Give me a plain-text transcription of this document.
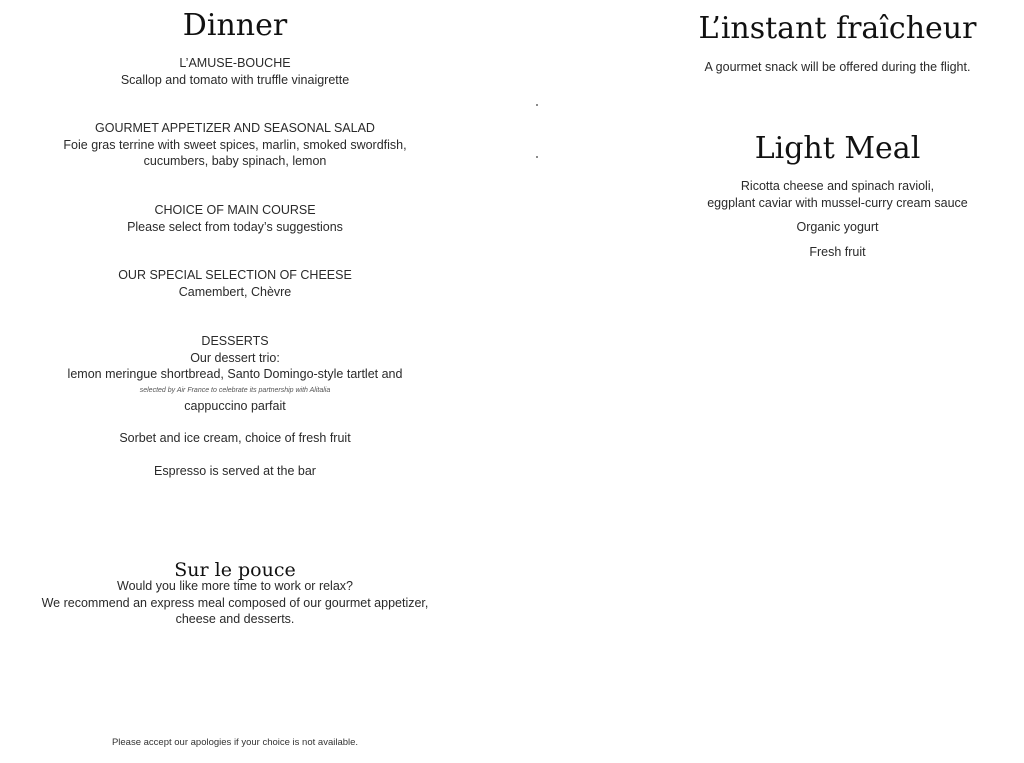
Dinner
L’AMUSE-BOUCHE
Scallop and tomato with truffle vinaigrette
GOURMET APPETIZER AND SEASONAL SALAD
Foie gras terrine with sweet spices, marlin, smoked swordfish,
cucumbers, baby spinach, lemon
CHOICE OF MAIN COURSE
Please select from today’s suggestions
OUR SPECIAL SELECTION OF CHEESE
Camembert, Chèvre
DESSERTS
Our dessert trio:
lemon meringue shortbread, Santo Domingo-style tartlet and
selected by Air France to celebrate its partnership with Alitalia
cappuccino parfait
Sorbet and ice cream, choice of fresh fruit
Espresso is served at the bar
Sur le pouce
Would you like more time to work or relax?
We recommend an express meal composed of our gourmet appetizer,
cheese and desserts.
Please accept our apologies if your choice is not available.
L’instant fraîcheur
A gourmet snack will be offered during the flight.
Light Meal
Ricotta cheese and spinach ravioli,
eggplant caviar with mussel-curry cream sauce
Organic yogurt
Fresh fruit
